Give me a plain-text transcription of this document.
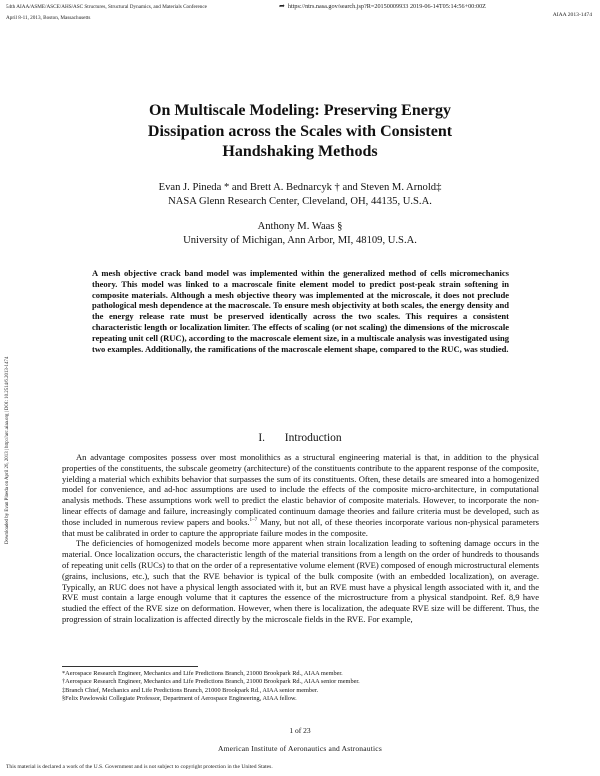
54th AIAA/ASME/ASCE/AHS/ASC Structures, Structural Dynamics, and Materials Conference
April 8-11, 2013, Boston, Massachusetts
➦ https://ntrs.nasa.gov/search.jsp?R=20150009933 2019-06-14T05:14:56+00:00Z
AIAA 2013-1474
Downloaded by Evan Pineda on April 26, 2013 | http://arc.aiaa.org | DOI: 10.2514/6.2013-1474
On Multiscale Modeling: Preserving Energy
Dissipation across the Scales with Consistent
Handshaking Methods
Evan J. Pineda * and Brett A. Bednarcyk † and Steven M. Arnold‡
NASA Glenn Research Center, Cleveland, OH, 44135, U.S.A.
Anthony M. Waas §
University of Michigan, Ann Arbor, MI, 48109, U.S.A.
A mesh objective crack band model was implemented within the generalized method of cells micromechanics theory. This model was linked to a macroscale finite element model to predict post-peak strain softening in composite materials. Although a mesh objective theory was implemented at the microscale, it does not preclude pathological mesh dependence at the macroscale. To ensure mesh objectivity at both scales, the energy density and the energy release rate must be preserved identically across the two scales. This requires a consistent characteristic length or localization limiter. The effects of scaling (or not scaling) the dimensions of the microscale repeating unit cell (RUC), according to the macroscale element size, in a multiscale analysis was investigated using two examples. Additionally, the ramifications of the macroscale element shape, compared to the RUC, was studied.
I. Introduction

An advantage composites possess over most monolithics as a structural engineering material is that, in addition to the physical properties of the constituents, the subscale geometry (architecture) of the constituents contribute to the apparent response of the composite, yielding a material which exhibits behavior that surpasses the sum of its constituents. Often, these details are smeared into a homogenized model for convenience, and ad-hoc assumptions are used to include the effects of the composite micro-architecture, in computational analysis methods. These assumptions work well to predict the elastic behavior of composite materials. However, to incorporate the non-linear effects of damage and failure, increasingly complicated continuum damage theories and failure criteria must be developed, such as those included in numerous review papers and books.$^{1-7}$ Many, but not all, of these theories incorporate various non-physical parameters that must be calibrated in order to capture the appropriate failure modes in the composite.

The deficiencies of homogenized models become more apparent when strain localization leading to softening damage occurs in the material. Once localization occurs, the characteristic length of the material transitions from a length on the order of hundreds to thousands of repeating unit cells (RUCs) to that on the order of a representative volume element (RVE) composed of enough microstructural elements (grains, inclusions, etc.), such that the RVE behavior is typical of the bulk composite (with an embedded localization), on average. Typically, an RUC does not have a physical length associated with it, but an RVE must have a physical length associated with it, and the RVE must contain a large enough volume that it captures the essence of the microstructure from a physical standpoint. Ref. 8,9 have studied the effect of the RVE size on deformation. However, when there is localization, the adequate RVE size will be different. Thus, the progression of strain localization is affected directly by the microscale fields in the RVE. For example,

*Aerospace Research Engineer, Mechanics and Life Predictions Branch, 21000 Brookpark Rd., AIAA member.
†Aerospace Research Engineer, Mechanics and Life Predictions Branch, 21000 Brookpark Rd., AIAA senior member.
‡Branch Chief, Mechanics and Life Predictions Branch, 21000 Brookpark Rd., AIAA senior member.
§Felix Pawlowski Collegiate Professor, Department of Aerospace Engineering, AIAA fellow.
1 of 23
American Institute of Aeronautics and Astronautics
This material is declared a work of the U.S. Government and is not subject to copyright protection in the United States.
